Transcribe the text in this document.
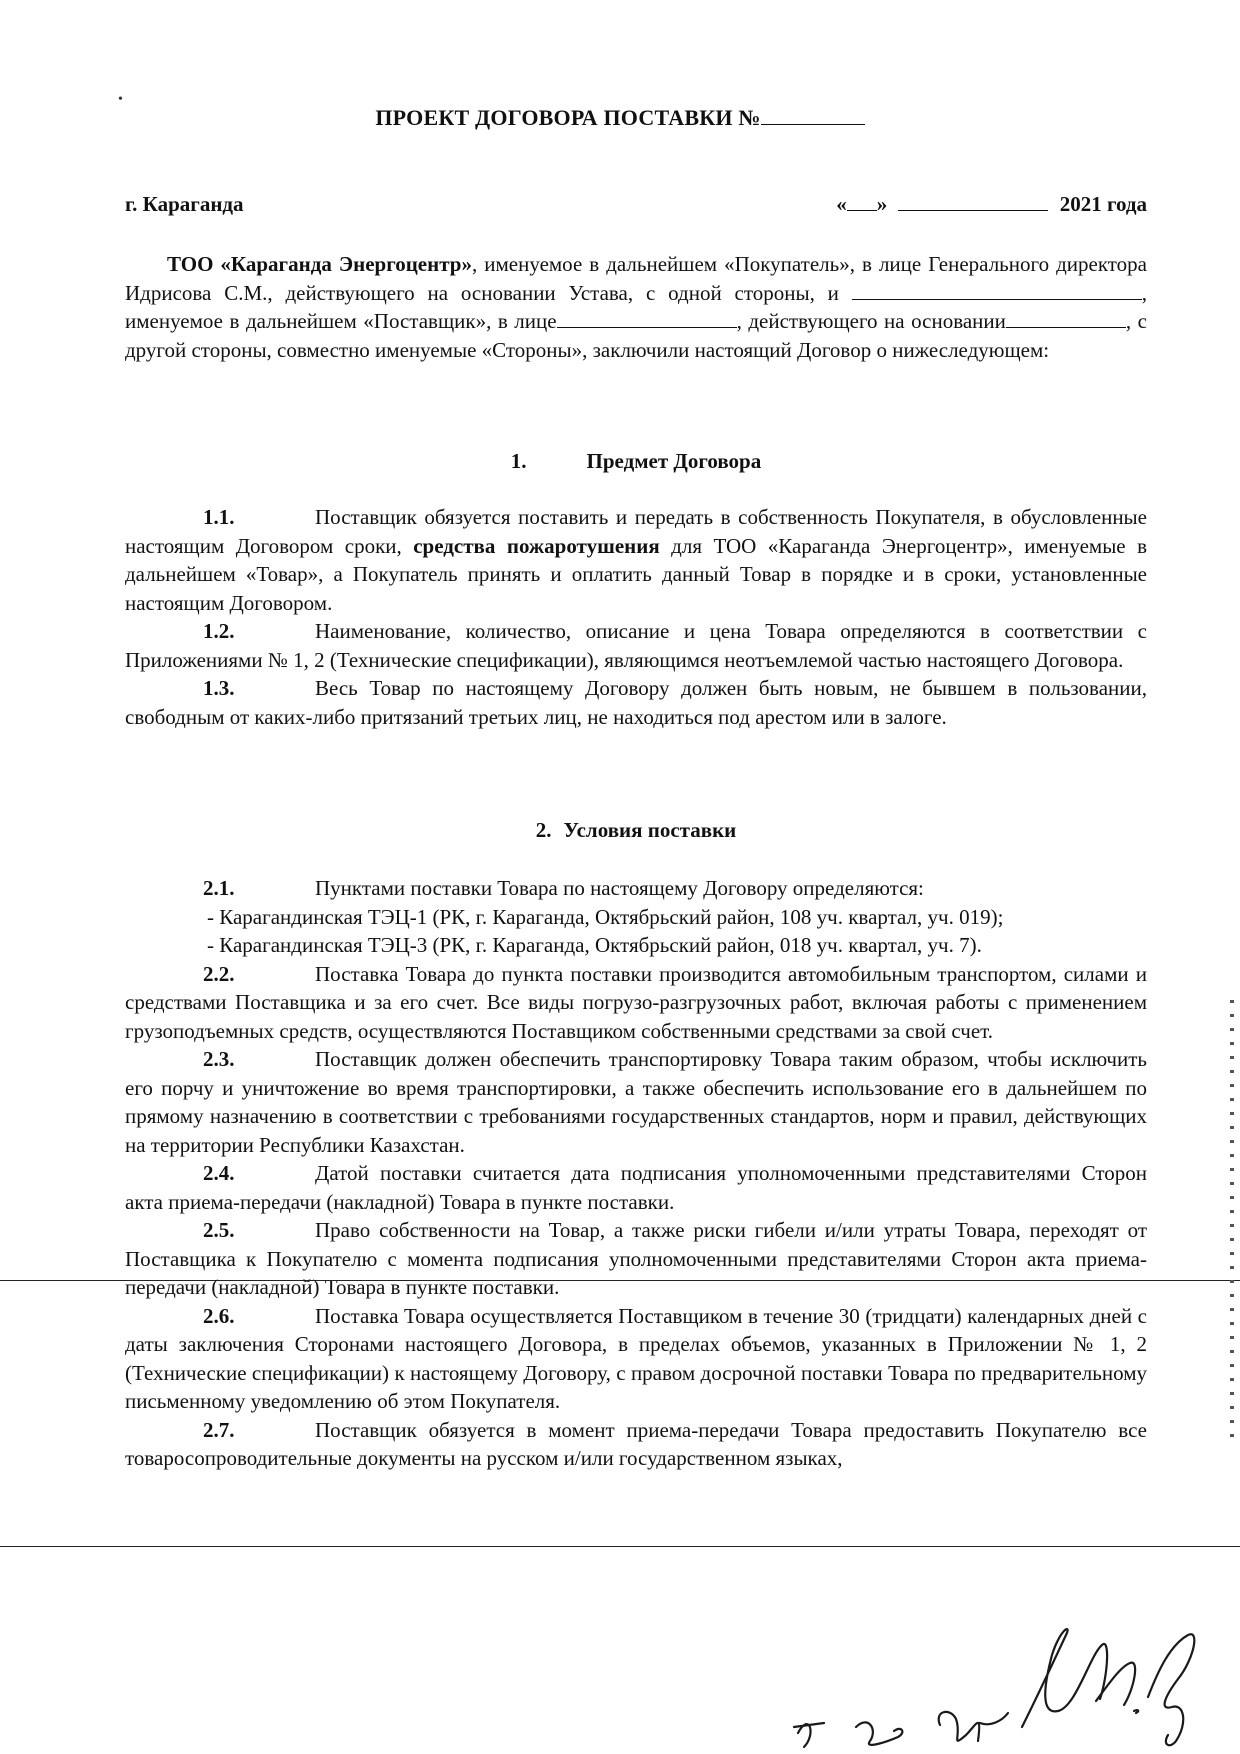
•
ПРОЕКТ ДОГОВОРА ПОСТАВКИ №
г. Караганда	« »	2021 года

ТОО «Караганда Энергоцентр», именуемое в дальнейшем «Покупатель», в лице Генерального директора Идрисова С.М., действующего на основании Устава, с одной стороны, и	, именуемое в дальнейшем «Поставщик», в лице	, действующего на основании	, с другой стороны, совместно именуемые «Стороны», заключили настоящий Договор о нижеследующем:

1.	Предмет Договора

1.1.	Поставщик обязуется поставить и передать в собственность Покупателя, в обусловленные настоящим Договором сроки, средства пожаротушения для ТОО «Караганда Энергоцентр», именуемые в дальнейшем «Товар», а Покупатель принять и оплатить данный Товар в порядке и в сроки, установленные настоящим Договором.

1.2.	Наименование, количество, описание и цена Товара определяются в соответствии с Приложениями № 1, 2 (Технические спецификации), являющимся неотъемлемой частью настоящего Договора.

1.3.	Весь Товар по настоящему Договору должен быть новым, не бывшем в пользовании, свободным от каких-либо притязаний третьих лиц, не находиться под арестом или в залоге.

2. Условия поставки

2.1.	Пунктами поставки Товара по настоящему Договору определяются:

- Карагандинская ТЭЦ-1 (РК, г. Караганда, Октябрьский район, 108 уч. квартал, уч. 019);

- Карагандинская ТЭЦ-3 (РК, г. Караганда, Октябрьский район, 018 уч. квартал, уч. 7).

2.2.	Поставка Товара до пункта поставки производится автомобильным транспортом, силами и средствами Поставщика и за его счет. Все виды погрузо-разгрузочных работ, включая работы с применением грузоподъемных средств, осуществляются Поставщиком собственными средствами за свой счет.

2.3.	Поставщик должен обеспечить транспортировку Товара таким образом, чтобы исключить его порчу и уничтожение во время транспортировки, а также обеспечить использование его в дальнейшем по прямому назначению в соответствии с требованиями государственных стандартов, норм и правил, действующих на территории Республики Казахстан.

2.4.	Датой поставки считается дата подписания уполномоченными представителями Сторон акта приема-передачи (накладной) Товара в пункте поставки.

2.5.	Право собственности на Товар, а также риски гибели и/или утраты Товара, переходят от Поставщика к Покупателю с момента подписания уполномоченными представителями Сторон акта приема-передачи (накладной) Товара в пункте поставки.

2.6.	Поставка Товара осуществляется Поставщиком в течение 30 (тридцати) календарных дней с даты заключения Сторонами настоящего Договора, в пределах объемов, указанных в Приложении № 1, 2 (Технические спецификации) к настоящему Договору, с правом досрочной поставки Товара по предварительному письменному уведомлению об этом Покупателя.

2.7.	Поставщик обязуется в момент приема-передачи Товара предоставить Покупателю все товаросопроводительные документы на русском и/или государственном языках,
